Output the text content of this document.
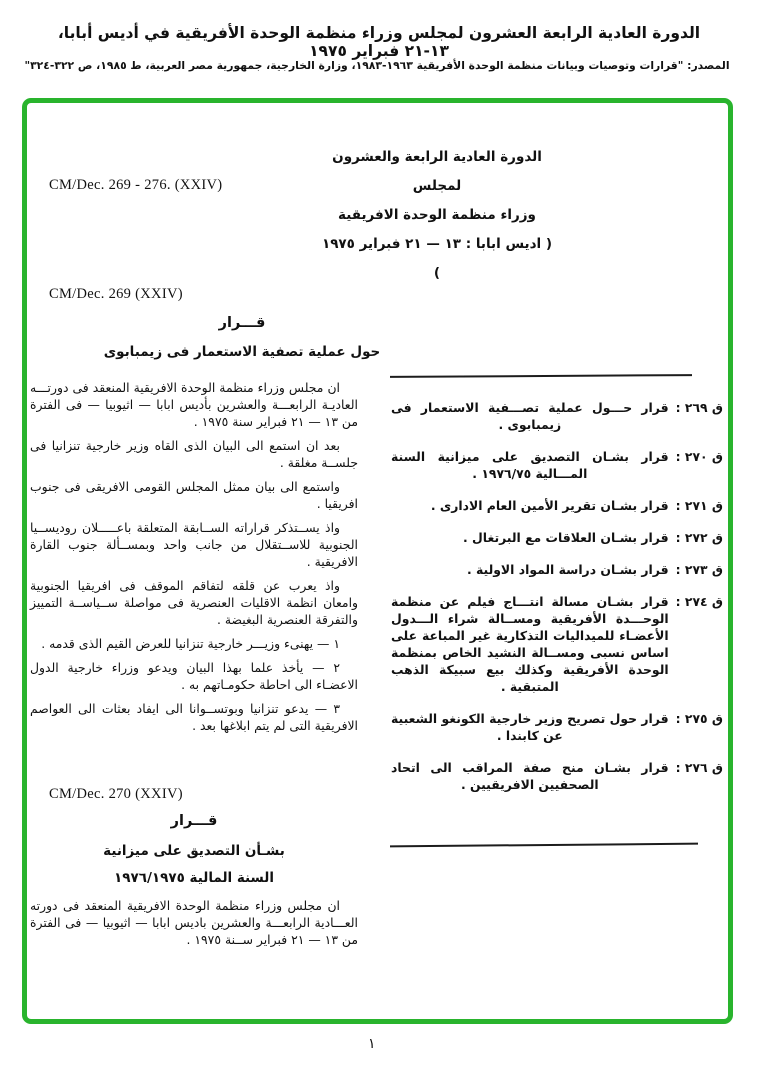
الدورة العادية الرابعة العشرون لمجلس وزراء منظمة الوحدة الأفريقية في أديس أبابا، ١٣-٢١ فبراير ١٩٧٥
المصدر: "قرارات وتوصيات وبيانات منظمة الوحدة الأفريقية ١٩٦٣-١٩٨٣، وزارة الخارجية، جمهورية مصر العربية، ط ١٩٨٥، ص ٣٢٢-٣٢٤"
CM/Dec. 269 - 276. (XXIV)
الدورة العادية الرابعة والعشرون لمجلس
وزراء منظمة الوحدة الافريقية
( اديس ابابا : ١٣ — ٢١ فبراير ١٩٧٥ )
CM/Dec. 269 (XXIV)
قـــرار
حول عملية تصفية الاستعمار فى زيمبابوى

ان مجلس وزراء منظمة الوحدة الافريقية المنعقد فى دورتـــه العاديـة الرابعـــة والعشرين بأديس ابابا — اثيوبيا — فى الفترة من ١٣ — ٢١ فبراير سنة ١٩٧٥ .

بعد ان استمع الى البيان الذى القاه وزير خارجية تنزانيا فى جلســة مغلقة .

واستمع الى بيان ممثل المجلس القومى الافريقى فى جنوب افريقيا .

واذ يســتذكر قراراته الســابقة المتعلقة باعـــــلان روديســيا الجنوبية للاســتقلال من جانب واحد وبمســألة جنوب القارة الافريقية .

واذ يعرب عن قلقه لتفاقم الموقف فى افريقيا الجنوبية وامعان انظمة الاقليات العنصرية فى مواصلة ســياســة التمييز والتفرقة العنصرية البغيضة .

١ — يهنىء وزيـــر خارجية تنزانيا للعرض القيم الذى قدمه .

٢ — يأخذ علما بهذا البيان ويدعو وزراء خارجية الدول الاعضـاء الى احاطة حكومـاتهم به .

٣ — يدعو تنزانيا وبوتســوانا الى ايفاد بعثات الى العواصم الافريقية التى لم يتم ابلاغها بعد .

CM/Dec. 270 (XXIV)
قـــرار
بشـأن التصديق على ميزانية
السنة المالية ١٩٧٦/١٩٧٥

ان مجلس وزراء منظمة الوحدة الافريقية المنعقد فى دورته العـــادية الرابعـــة والعشرين باديس ابابا — اثيوبيا — فى الفترة من ١٣ — ٢١ فبراير ســنة ١٩٧٥ .

ق ٢٦٩ :
قرار حـــول عملية تصـــفية الاستعمار فى زيمبابوى .
ق ٢٧٠ :
قرار بشـان التصديق على ميزانية السنة المـــالية ١٩٧٦/٧٥ .
ق ٢٧١ :
قرار بشـان تقرير الأمين العام الادارى .
ق ٢٧٢ :
قرار بشـان العلاقات مع البرتغال .
ق ٢٧٣ :
قرار بشـان دراسة المواد الاولية .
ق ٢٧٤ :
قرار بشـان مسالة انتـــاج فيلم عن منظمة الوحـــدة الأفريقية ومســالة شراء الـــدول الأعضـاء للميداليات التذكارية غير المباعة على اساس نسبى ومســالة النشيد الخاص بمنظمة الوحدة الأفريقية وكذلك بيع سبيكة الذهب المتبقية .
ق ٢٧٥ :
قرار حول تصريح وزير خارجية الكونغو الشعبية عن كابندا .
ق ٢٧٦ :
قرار بشـان منح صفة المراقب الى اتحاد الصحفيين الافريقيين .
١
